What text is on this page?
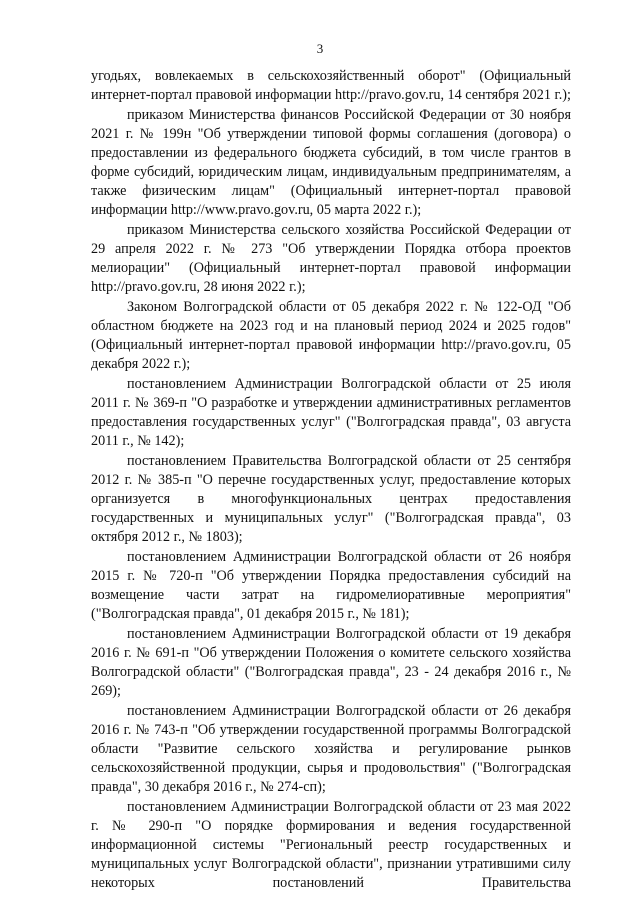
3

угодьях, вовлекаемых в сельскохозяйственный оборот" (Официальный интернет-портал правовой информации http://pravo.gov.ru, 14 сентября 2021 г.);

приказом Министерства финансов Российской Федерации от 30 ноября 2021 г. № 199н "Об утверждении типовой формы соглашения (договора) о предоставлении из федерального бюджета субсидий, в том числе грантов в форме субсидий, юридическим лицам, индивидуальным предпринимателям, а также физическим лицам" (Официальный интернет-портал правовой информации http://www.pravo.gov.ru, 05 марта 2022 г.);

приказом Министерства сельского хозяйства Российской Федерации от 29 апреля 2022 г. № 273 "Об утверждении Порядка отбора проектов мелиорации" (Официальный интернет-портал правовой информации http://pravo.gov.ru, 28 июня 2022 г.);

Законом Волгоградской области от 05 декабря 2022 г. № 122-ОД "Об областном бюджете на 2023 год и на плановый период 2024 и 2025 годов" (Официальный интернет-портал правовой информации http://pravo.gov.ru, 05 декабря 2022 г.);

постановлением Администрации Волгоградской области от 25 июля 2011 г. № 369-п "О разработке и утверждении административных регламентов предоставления государственных услуг" ("Волгоградская правда", 03 августа 2011 г., № 142);

постановлением Правительства Волгоградской области от 25 сентября 2012 г. № 385-п "О перечне государственных услуг, предоставление которых организуется в многофункциональных центрах предоставления государственных и муниципальных услуг" ("Волгоградская правда", 03 октября 2012 г., № 1803);

постановлением Администрации Волгоградской области от 26 ноября 2015 г. № 720-п "Об утверждении Порядка предоставления субсидий на возмещение части затрат на гидромелиоративные мероприятия" ("Волгоградская правда", 01 декабря 2015 г., № 181);

постановлением Администрации Волгоградской области от 19 декабря 2016 г. № 691-п "Об утверждении Положения о комитете сельского хозяйства Волгоградской области" ("Волгоградская правда", 23 - 24 декабря 2016 г., № 269);

постановлением Администрации Волгоградской области от 26 декабря 2016 г. № 743-п "Об утверждении государственной программы Волгоградской области "Развитие сельского хозяйства и регулирование рынков сельскохозяйственной продукции, сырья и продовольствия" ("Волгоградская правда", 30 декабря 2016 г., № 274-сп);

постановлением Администрации Волгоградской области от 23 мая 2022 г. № 290-п "О порядке формирования и ведения государственной информационной системы "Региональный реестр государственных и муниципальных услуг Волгоградской области", признании утратившими силу некоторых постановлений Правительства
